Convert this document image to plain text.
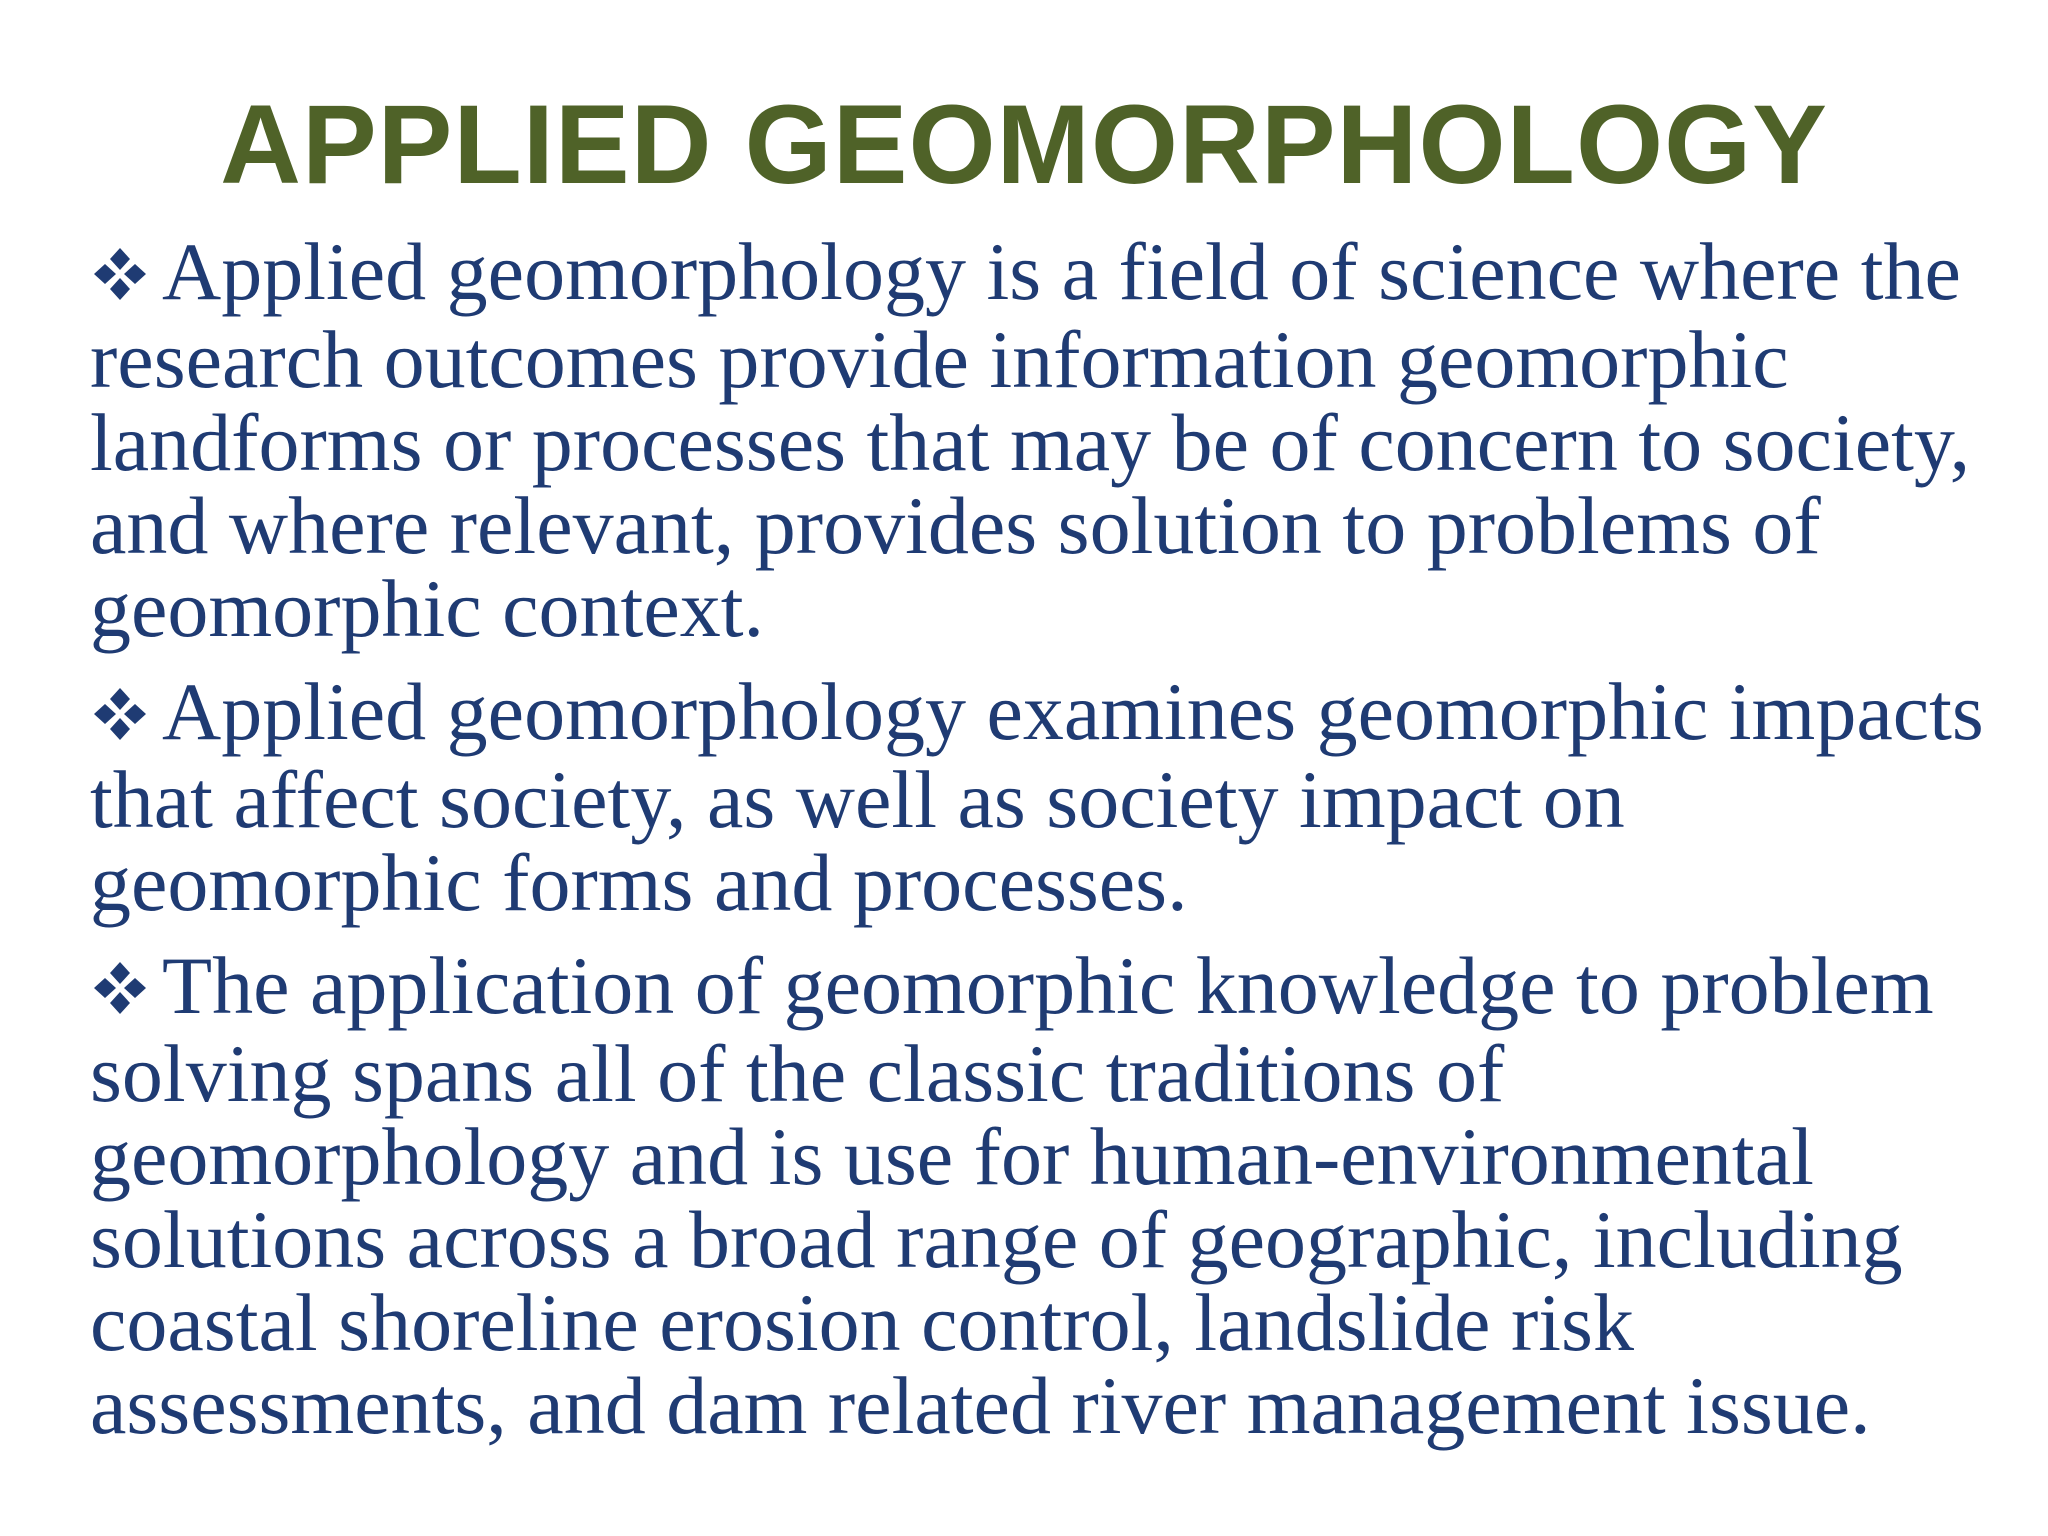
APPLIED GEOMORPHOLOGY
Applied geomorphology is a field of science where the research outcomes provide information geomorphic landforms or processes that may be of concern to society, and where relevant, provides solution to problems of geomorphic context.
Applied geomorphology examines geomorphic impacts that affect society, as well as society impact on geomorphic forms and processes.
The application of geomorphic knowledge to problem solving spans all of the classic traditions of geomorphology and is use for human-environmental solutions across a broad range of geographic, including coastal shoreline erosion control, landslide risk assessments, and dam related river management issue.
